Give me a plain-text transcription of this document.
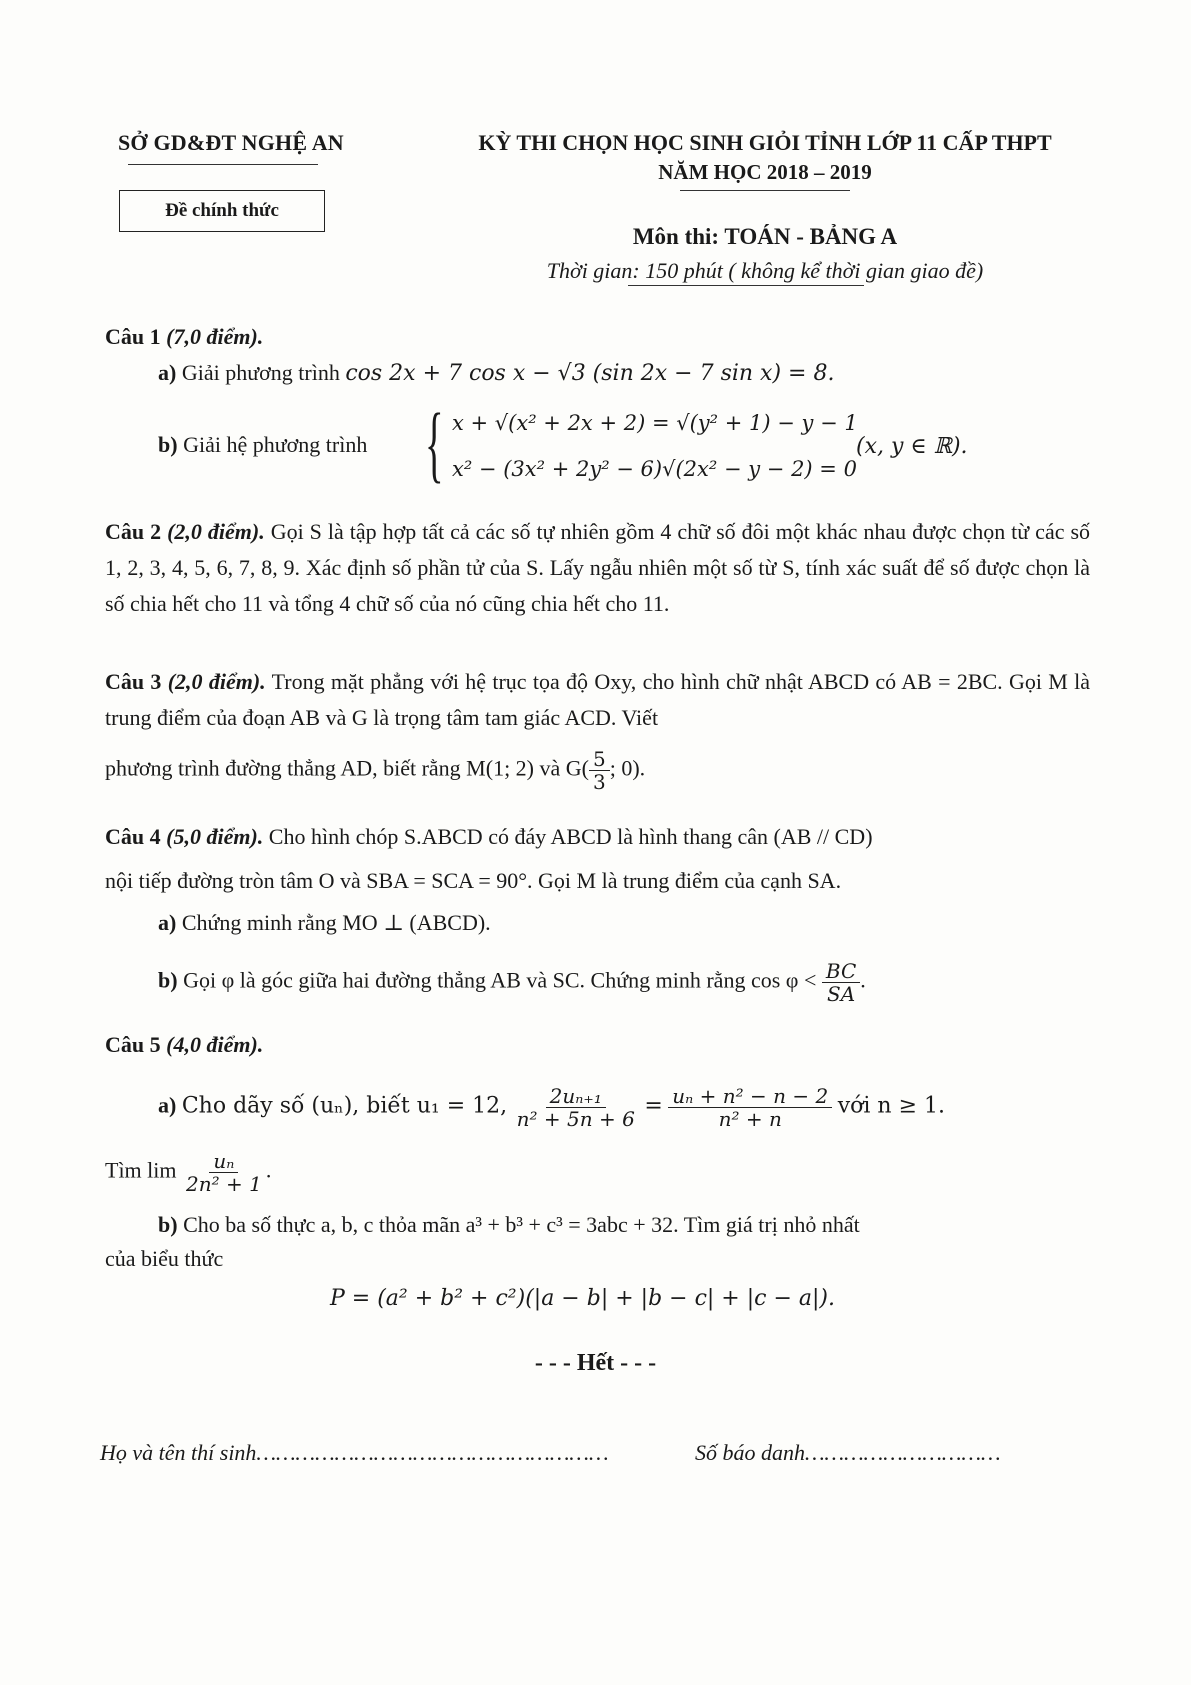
SỞ GD&ĐT NGHỆ AN	KỲ THI CHỌN HỌC SINH GIỎI TỈNH LỚP 11 CẤP THPT
NĂM HỌC 2018 – 2019
Đề chính thức
Môn thi: TOÁN - BẢNG A
Thời gian: 150 phút ( không kể thời gian giao đề)
Câu 1 (7,0 điểm).
a) Giải phương trình cos 2x + 7 cos x − √3 (sin 2x − 7 sin x) = 8.
b) Giải hệ phương trình { x + √(x² + 2x + 2) = √(y² + 1) − y − 1
x² − (3x² + 2y² − 6)√(2x² − y − 2) = 0
(x, y ∈ ℝ).
Câu 2 (2,0 điểm). Gọi S là tập hợp tất cả các số tự nhiên gồm 4 chữ số đôi một khác nhau được chọn từ các số 1, 2, 3, 4, 5, 6, 7, 8, 9. Xác định số phần tử của S. Lấy ngẫu nhiên một số từ S, tính xác suất để số được chọn là số chia hết cho 11 và tổng 4 chữ số của nó cũng chia hết cho 11.
Câu 3 (2,0 điểm). Trong mặt phẳng với hệ trục tọa độ Oxy, cho hình chữ nhật ABCD có AB = 2BC. Gọi M là trung điểm của đoạn AB và G là trọng tâm tam giác ACD. Viết
phương trình đường thẳng AD, biết rằng M(1; 2) và $G( \frac{5}{3}$ ; 0).
Câu 4 (5,0 điểm). Cho hình chóp S.ABCD có đáy ABCD là hình thang cân (AB // CD)
nội tiếp đường tròn tâm O và SBA = SCA = 90°. Gọi M là trung điểm của cạnh SA.
a) Chứng minh rằng MO ⊥ (ABCD).
b) Gọi φ là góc giữa hai đường thẳng AB và SC. Chứng minh rằng $\cos \varphi < \frac{BC}{SA}$ .
Câu 5 (4,0 điểm).
a) Cho dãy số (uₙ), biết u₁ = 12, $\frac{\text{2uₙ₊₁}}{\text{n² + 5n + 6}} = \frac{\text{uₙ + n² − n − 2}}{\text{n² + n}}$ với n ≥ 1.
Tìm $\lim \frac{\text{uₙ}}{\text{2n² + 1}}$ .
b) Cho ba số thực a, b, c thỏa mãn a³ + b³ + c³ = 3abc + 32. Tìm giá trị nhỏ nhất
của biểu thức
P = (a² + b² + c²)(|a − b| + |b − c| + |c − a|).
- - - Hết - - -
Họ và tên thí sinh………………………………………………	Số báo danh…………………………
